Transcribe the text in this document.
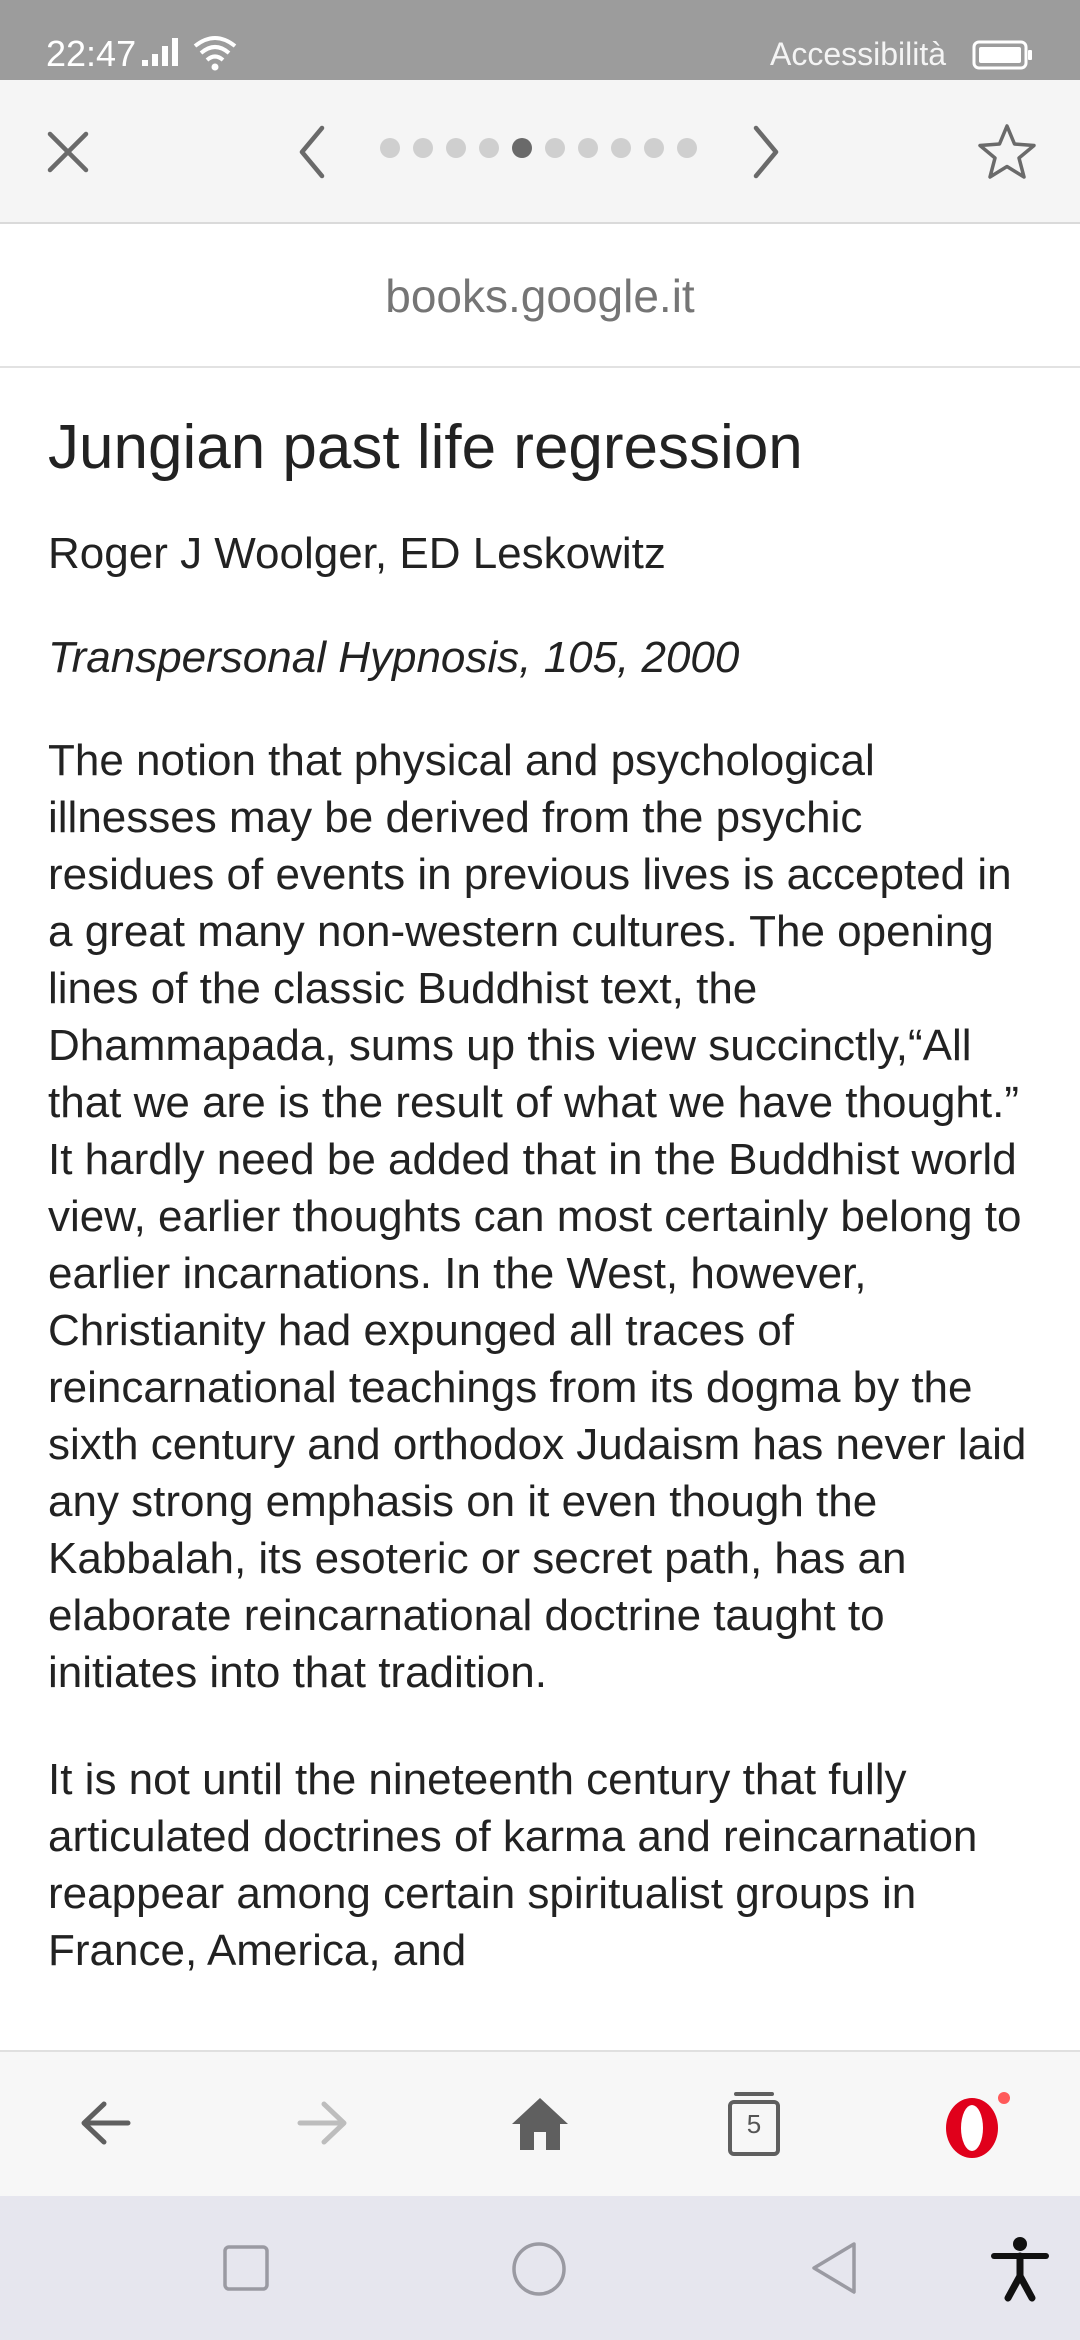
22:47	Accessibilità
books.google.it
Jungian past life regression
Roger J Woolger, ED Leskowitz
Transpersonal Hypnosis, 105, 2000

The notion that physical and psychological illnesses may be derived from the psychic residues of events in previous lives is accepted in a great many non-western cultures. The opening lines of the classic Buddhist text, the Dhammapada, sums up this view succinctly,“All that we are is the result of what we have thought.” It hardly need be added that in the Buddhist world view, earlier thoughts can most certainly belong to earlier incarnations. In the West, however, Christianity had expunged all traces of reincarnational teachings from its dogma by the sixth century and orthodox Judaism has never laid any strong emphasis on it even though the Kabbalah, its esoteric or secret path, has an elaborate reincarnational doctrine taught to initiates into that tradition.

It is not until the nineteenth century that fully articulated doctrines of karma and reincarnation reappear among certain spiritualist groups in France, America, and

5
